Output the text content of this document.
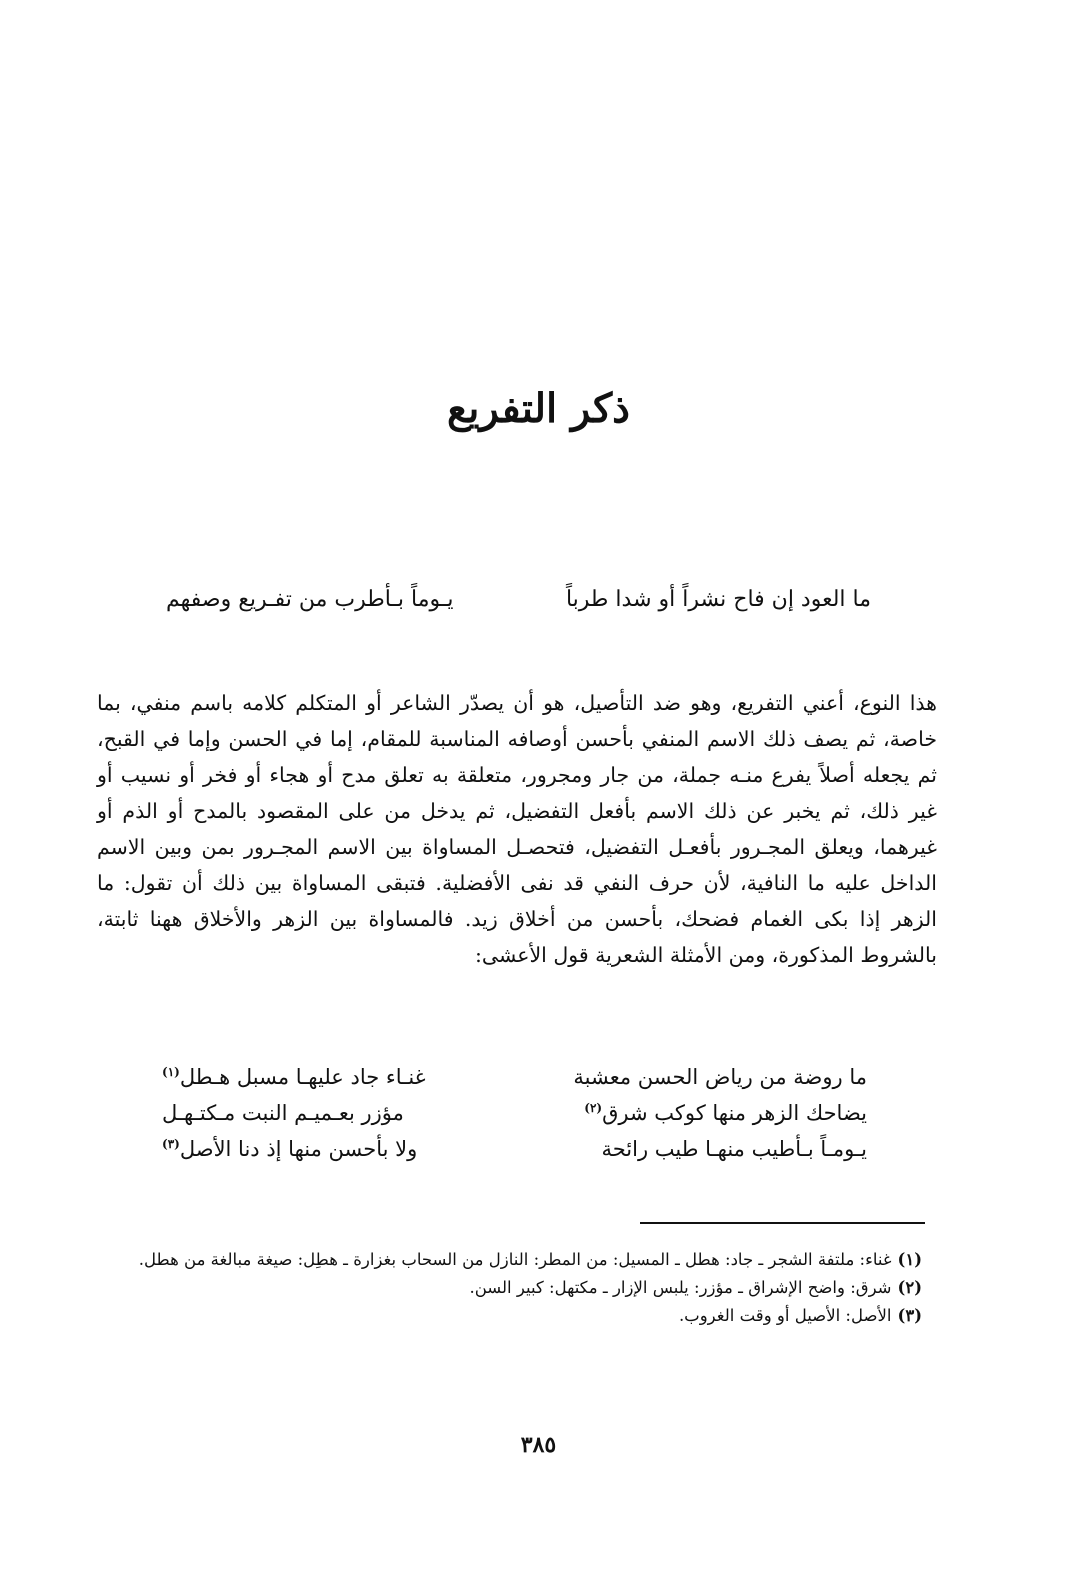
ذكر التفريع
ما العود إن فاح نشراً أو شدا طرباً
يـوماً بـأطرب من تفـريع وصفهم

هذا النوع، أعني التفريع، وهو ضد التأصيل، هو أن يصدّر الشاعر أو المتكلم كلامه باسم منفي، بما خاصة، ثم يصف ذلك الاسم المنفي بأحسن أوصافه المناسبة للمقام، إما في الحسن وإما في القبح، ثم يجعله أصلاً يفرع منـه جملة، من جار ومجرور، متعلقة به تعلق مدح أو هجاء أو فخر أو نسيب أو غير ذلك، ثم يخبر عن ذلك الاسم بأفعل التفضيل، ثم يدخل من على المقصود بالمدح أو الذم أو غيرهما، ويعلق المجـرور بأفعـل التفضيل، فتحصـل المساواة بين الاسم المجـرور بمن وبين الاسم الداخل عليه ما النافية، لأن حرف النفي قد نفى الأفضلية. فتبقى المساواة بين ذلك أن تقول: ما الزهر إذا بكى الغمام فضحك، بأحسن من أخلاق زيد. فالمساواة بين الزهر والأخلاق ههنا ثابتة، بالشروط المذكورة، ومن الأمثلة الشعرية قول الأعشى:

ما روضة من رياض الحسن معشبة
غنـاء جاد عليهـا مسبل هـطل$^{(١)}$
يضاحك الزهر منها كوكب شرق$^{(٢)}$
مؤزر بعـميـم النبت مـكتـهـل
يـومـاً بـأطيب منهـا طيب رائحة
ولا بأحسن منها إذ دنا الأصل$^{(٣)}$

(١)غناء: ملتفة الشجر ـ جاد: هطل ـ المسيل: من المطر: النازل من السحاب بغزارة ـ هطِل: صيغة مبالغة من هطل.

(٢)شرق: واضح الإشراق ـ مؤزر: يلبس الإزار ـ مكتهل: كبير السن.

(٣)الأصل: الأصيل أو وقت الغروب.

٣٨٥
